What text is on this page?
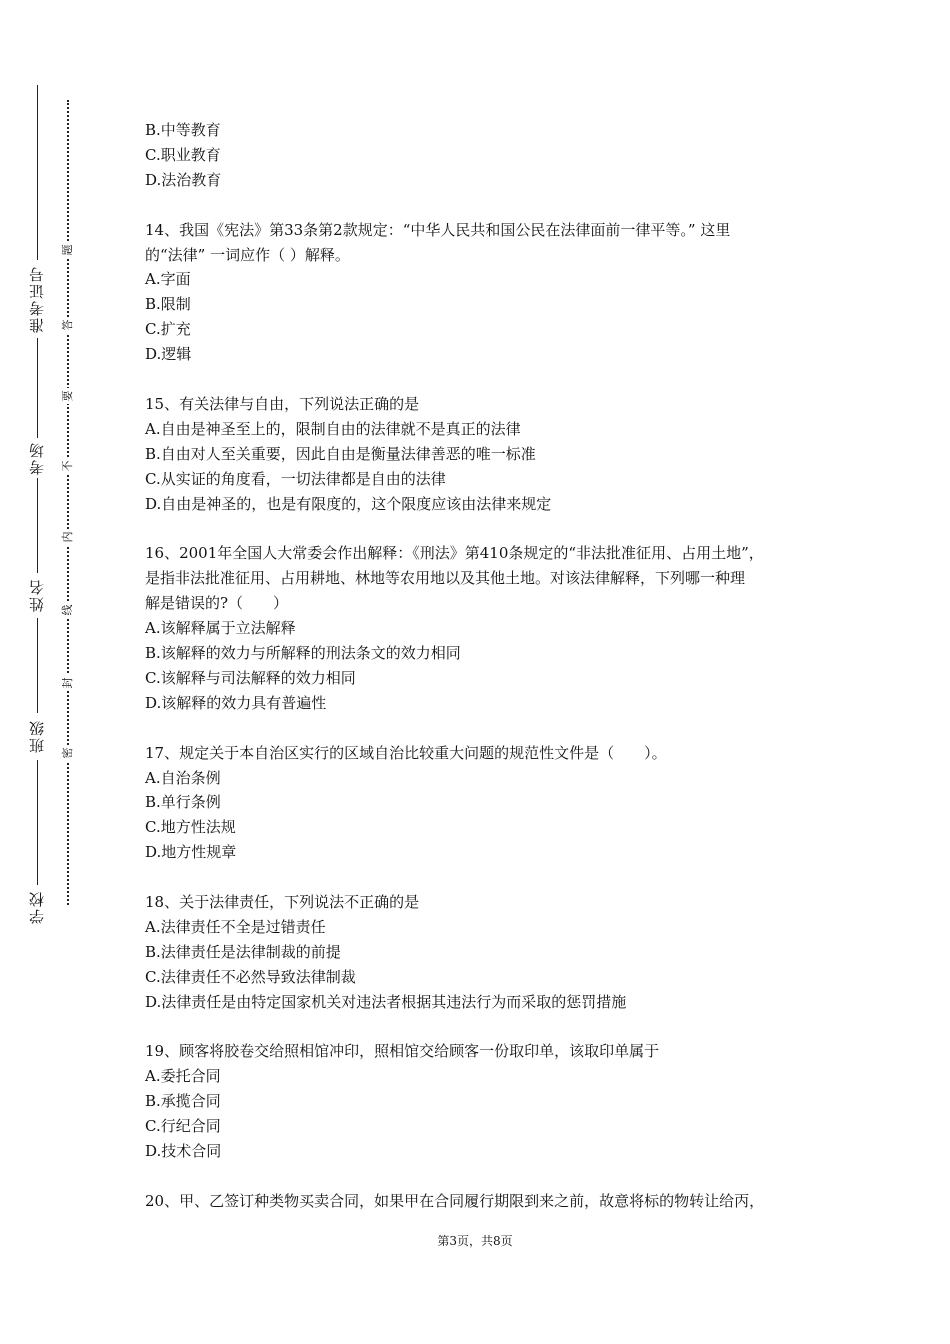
准考证号
考场
姓名
班级
学校
题
答
要
不
内
线
封
密
B.中等教育
C.职业教育
D.法治教育
14、我国《宪法》第33条第2款规定：“中华人民共和国公民在法律面前一律平等。” 这里
的“法律” 一词应作（ ）解释。
A.字面
B.限制
C.扩充
D.逻辑
15、有关法律与自由，下列说法正确的是
A.自由是神圣至上的，限制自由的法律就不是真正的法律
B.自由对人至关重要，因此自由是衡量法律善恶的唯一标准
C.从实证的角度看，一切法律都是自由的法律
D.自由是神圣的，也是有限度的，这个限度应该由法律来规定
16、2001年全国人大常委会作出解释：《刑法》第410条规定的“非法批准征用、占用土地”，
是指非法批准征用、占用耕地、林地等农用地以及其他土地。对该法律解释，下列哪一种理
解是错误的?（　　）
A.该解释属于立法解释
B.该解释的效力与所解释的刑法条文的效力相同
C.该解释与司法解释的效力相同
D.该解释的效力具有普遍性
17、规定关于本自治区实行的区域自治比较重大问题的规范性文件是（　　）。
A.自治条例
B.单行条例
C.地方性法规
D.地方性规章
18、关于法律责任，下列说法不正确的是
A.法律责任不全是过错责任
B.法律责任是法律制裁的前提
C.法律责任不必然导致法律制裁
D.法律责任是由特定国家机关对违法者根据其违法行为而采取的惩罚措施
19、顾客将胶卷交给照相馆冲印，照相馆交给顾客一份取印单，该取印单属于
A.委托合同
B.承揽合同
C.行纪合同
D.技术合同
20、甲、乙签订种类物买卖合同，如果甲在合同履行期限到来之前，故意将标的物转让给丙，
第3页，共8页
